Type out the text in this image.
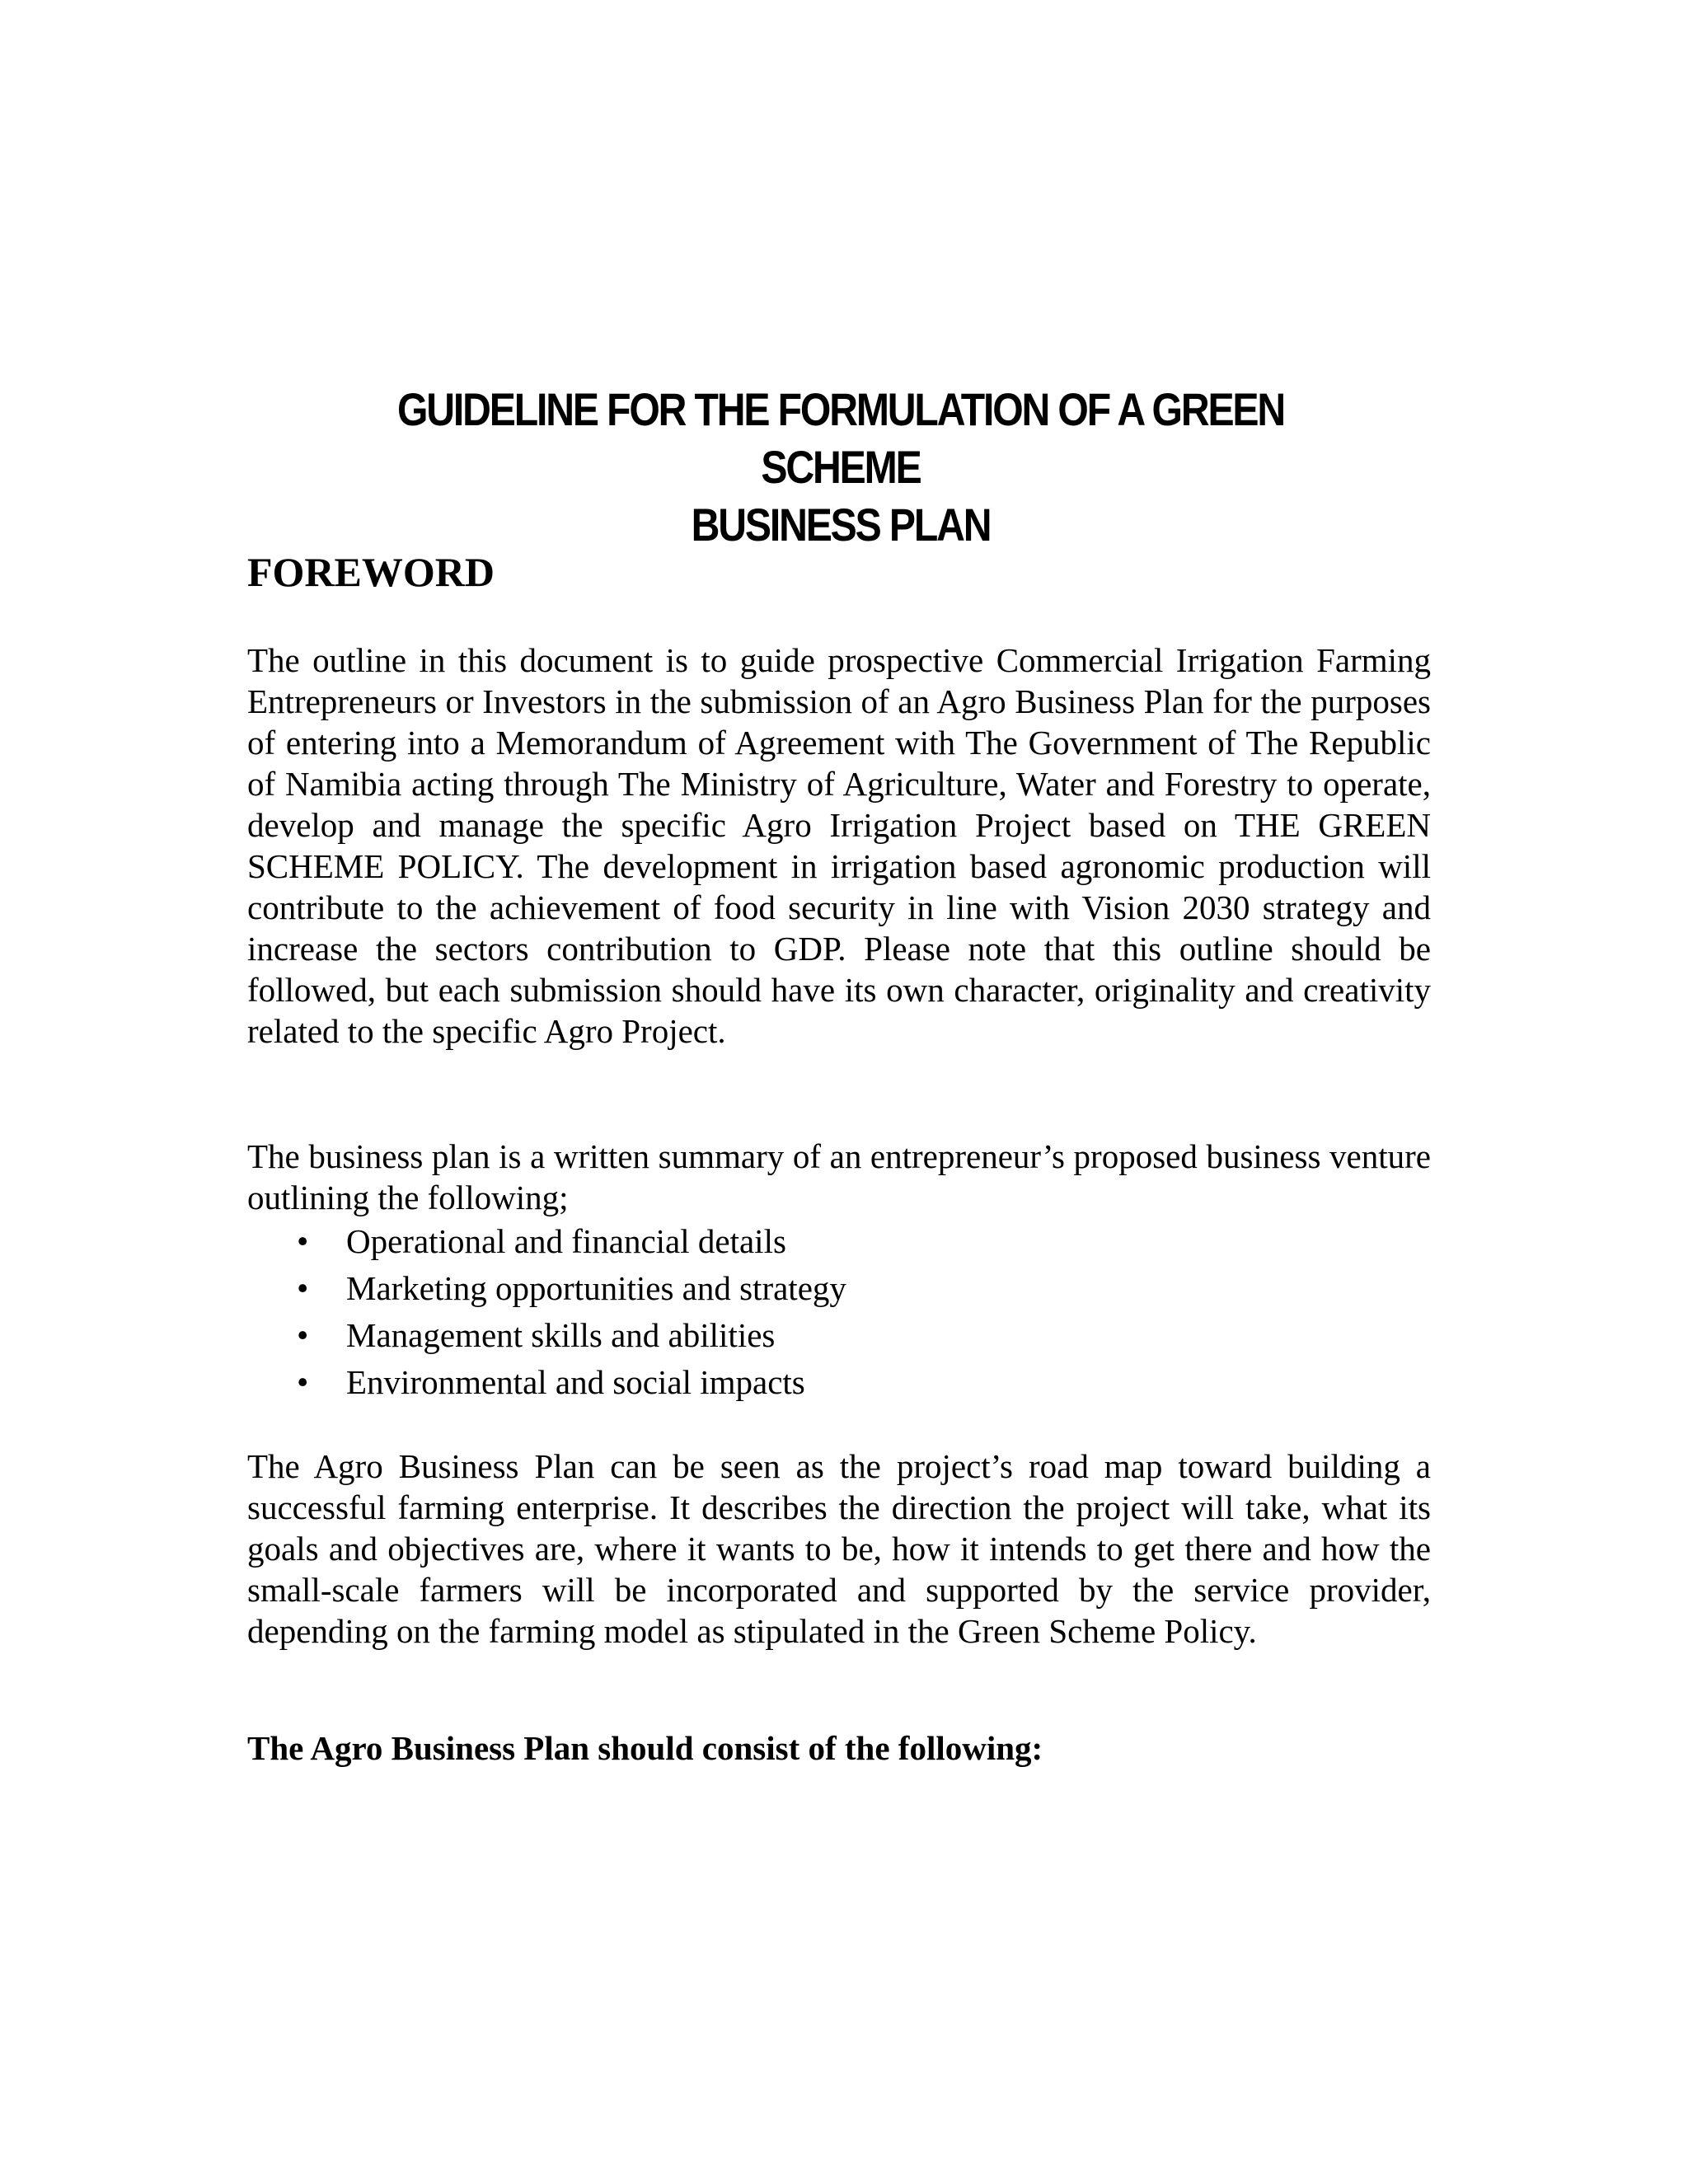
GUIDELINE FOR THE FORMULATION OF A GREEN SCHEME
BUSINESS PLAN
FOREWORD

The outline in this document is to guide prospective Commercial Irrigation Farming Entrepreneurs or Investors in the submission of an Agro Business Plan for the purposes of entering into a Memorandum of Agreement with The Government of The Republic of Namibia acting through The Ministry of Agriculture, Water and Forestry to operate, develop and manage the specific Agro Irrigation Project based on THE GREEN SCHEME POLICY. The development in irrigation based agronomic production will contribute to the achievement of food security in line with Vision 2030 strategy and increase the sectors contribution to GDP. Please note that this outline should be followed, but each submission should have its own character, originality and creativity related to the specific Agro Project.

The business plan is a written summary of an entrepreneur’s proposed business venture outlining the following;

• Operational and financial details
• Marketing opportunities and strategy
• Management skills and abilities
• Environmental and social impacts

The Agro Business Plan can be seen as the project’s road map toward building a successful farming enterprise. It describes the direction the project will take, what its goals and objectives are, where it wants to be, how it intends to get there and how the small-scale farmers will be incorporated and supported by the service provider, depending on the farming model as stipulated in the Green Scheme Policy.

The Agro Business Plan should consist of the following:
